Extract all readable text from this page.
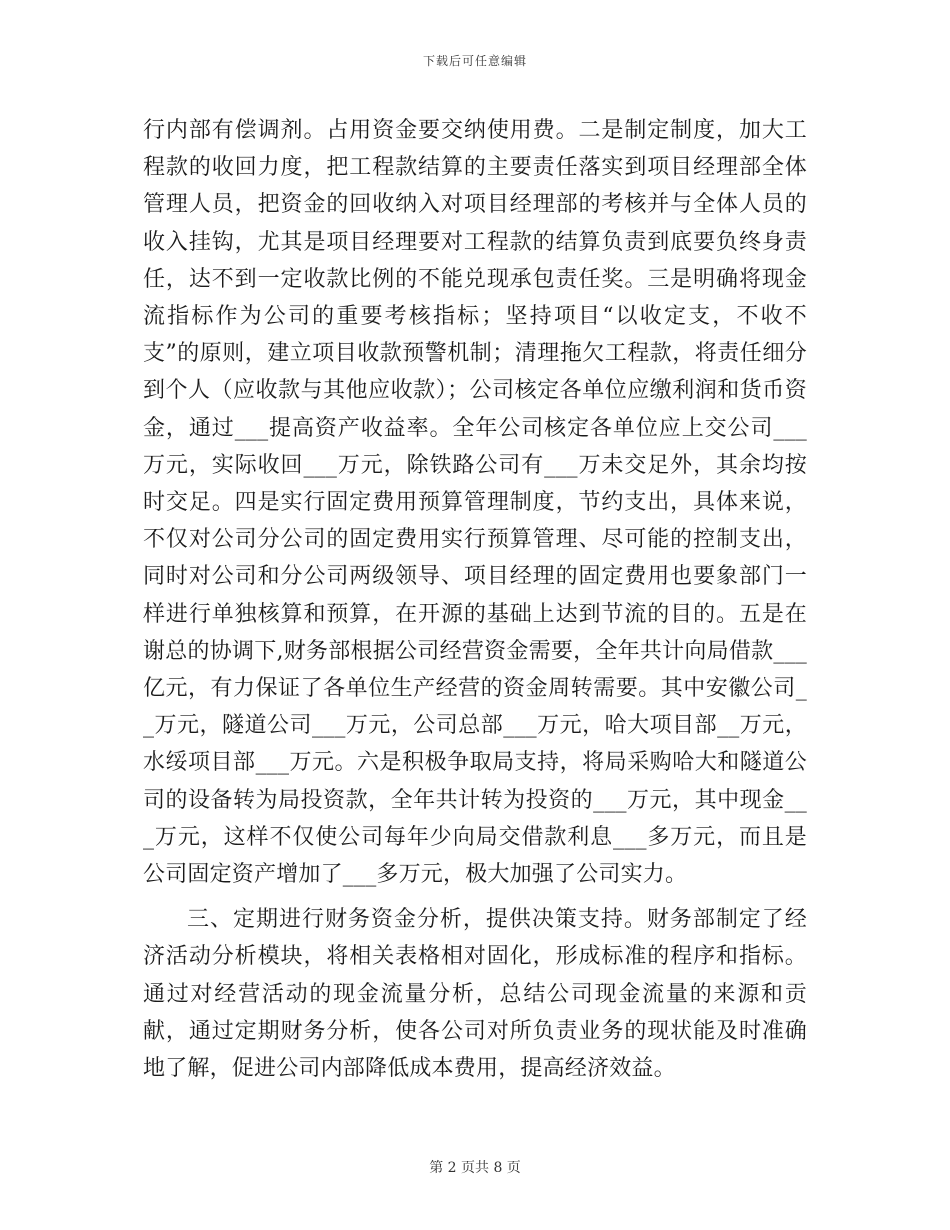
下载后可任意编辑

行内部有偿调剂。占用资金要交纳使用费。二是制定制度，加大工程款的收回力度，把工程款结算的主要责任落实到项目经理部全体管理人员，把资金的回收纳入对项目经理部的考核并与全体人员的收入挂钩，尤其是项目经理要对工程款的结算负责到底要负终身责任，达不到一定收款比例的不能兑现承包责任奖。三是明确将现金流指标作为公司的重要考核指标；坚持项目“以收定支，不收不支”的原则，建立项目收款预警机制；清理拖欠工程款，将责任细分到个人（应收款与其他应收款）；公司核定各单位应缴利润和货币资金，通过___提高资产收益率。全年公司核定各单位应上交公司___万元，实际收回___万元，除铁路公司有___万未交足外，其余均按时交足。四是实行固定费用预算管理制度，节约支出，具体来说，不仅对公司分公司的固定费用实行预算管理、尽可能的控制支出，同时对公司和分公司两级领导、项目经理的固定费用也要象部门一样进行单独核算和预算，在开源的基础上达到节流的目的。五是在谢总的协调下,财务部根据公司经营资金需要，全年共计向局借款___亿元，有力保证了各单位生产经营的资金周转需要。其中安徽公司__万元，隧道公司___万元，公司总部___万元，哈大项目部__万元，水绥项目部___万元。六是积极争取局支持，将局采购哈大和隧道公司的设备转为局投资款，全年共计转为投资的___万元，其中现金___万元，这样不仅使公司每年少向局交借款利息___多万元，而且是公司固定资产增加了___多万元，极大加强了公司实力。

三、定期进行财务资金分析，提供决策支持。财务部制定了经济活动分析模块，将相关表格相对固化，形成标准的程序和指标。通过对经营活动的现金流量分析，总结公司现金流量的来源和贡献，通过定期财务分析，使各公司对所负责业务的现状能及时准确地了解，促进公司内部降低成本费用，提高经济效益。

第 2 页共 8 页
